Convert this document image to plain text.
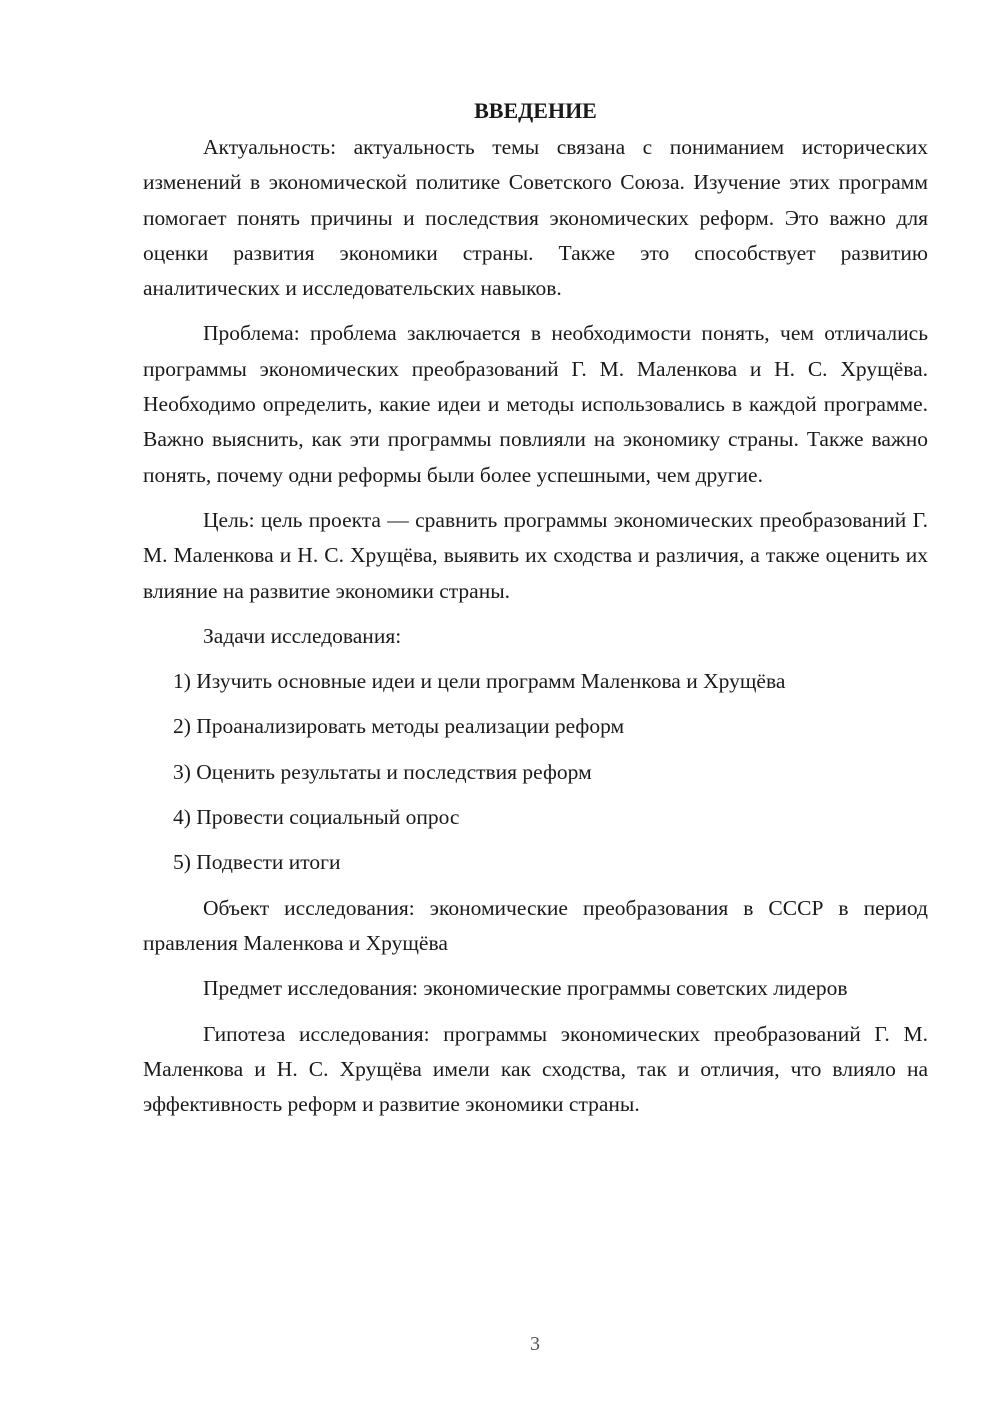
ВВЕДЕНИЕ

Актуальность: актуальность темы связана с пониманием исторических изменений в экономической политике Советского Союза. Изучение этих программ помогает понять причины и последствия экономических реформ. Это важно для оценки развития экономики страны. Также это способствует развитию аналитических и исследовательских навыков.

Проблема: проблема заключается в необходимости понять, чем отличались программы экономических преобразований Г. М. Маленкова и Н. С. Хрущёва. Необходимо определить, какие идеи и методы использовались в каждой программе. Важно выяснить, как эти программы повлияли на экономику страны. Также важно понять, почему одни реформы были более успешными, чем другие.

Цель: цель проекта — сравнить программы экономических преобразований Г. М. Маленкова и Н. С. Хрущёва, выявить их сходства и различия, а также оценить их влияние на развитие экономики страны.

Задачи исследования:

1) Изучить основные идеи и цели программ Маленкова и Хрущёва

2) Проанализировать методы реализации реформ

3) Оценить результаты и последствия реформ

4) Провести социальный опрос

5) Подвести итоги

Объект исследования: экономические преобразования в СССР в период правления Маленкова и Хрущёва

Предмет исследования: экономические программы советских лидеров

Гипотеза исследования: программы экономических преобразований Г. М. Маленкова и Н. С. Хрущёва имели как сходства, так и отличия, что влияло на эффективность реформ и развитие экономики страны.

3
